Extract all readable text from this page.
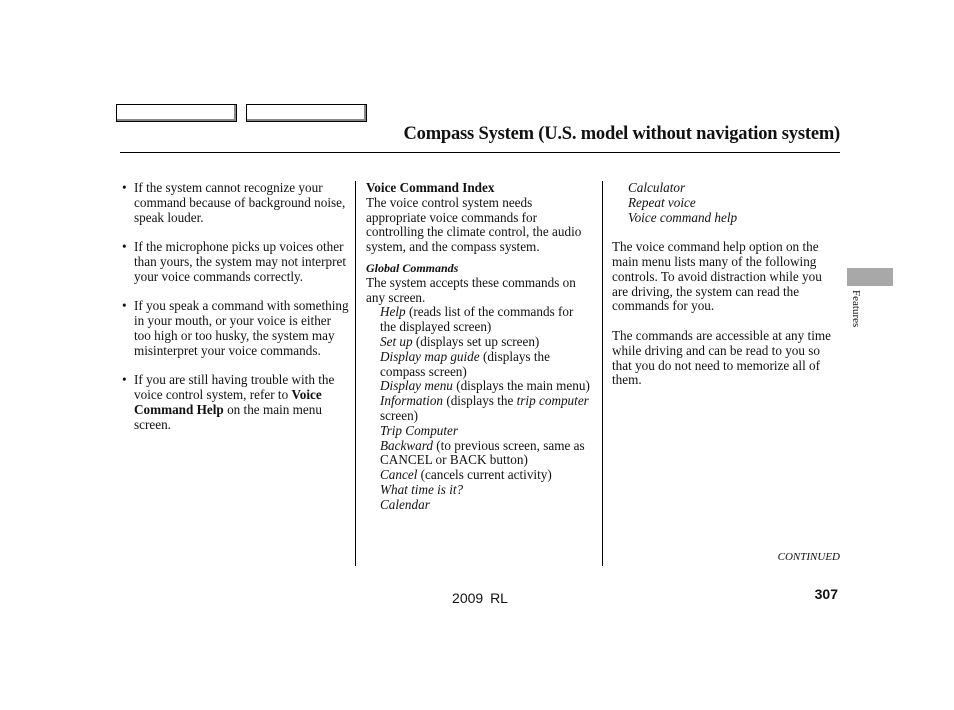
Compass System (U.S. model without navigation system)

• If the system cannot recognize your command because of background noise, speak louder.

• If the microphone picks up voices other than yours, the system may not interpret your voice commands correctly.

• If you speak a command with something in your mouth, or your voice is either too high or too husky, the system may misinterpret your voice commands.

• If you are still having trouble with the voice control system, refer to Voice Command Help on the main menu screen.

Voice Command Index

The voice control system needs appropriate voice commands for controlling the climate control, the audio system, and the compass system.

Global Commands

The system accepts these commands on any screen.

Help (reads list of the commands for the displayed screen)

Set up (displays set up screen)

Display map guide (displays the compass screen)

Display menu (displays the main menu)

Information (displays the trip computer screen)

Trip Computer

Backward (to previous screen, same as CANCEL or BACK button)

Cancel (cancels current activity)

What time is it?

Calendar

Calculator

Repeat voice

Voice command help

The voice command help option on the main menu lists many of the following controls. To avoid distraction while you are driving, the system can read the commands for you.

The commands are accessible at any time while driving and can be read to you so that you do not need to memorize all of them.

Features
CONTINUED
2009 RL	307
